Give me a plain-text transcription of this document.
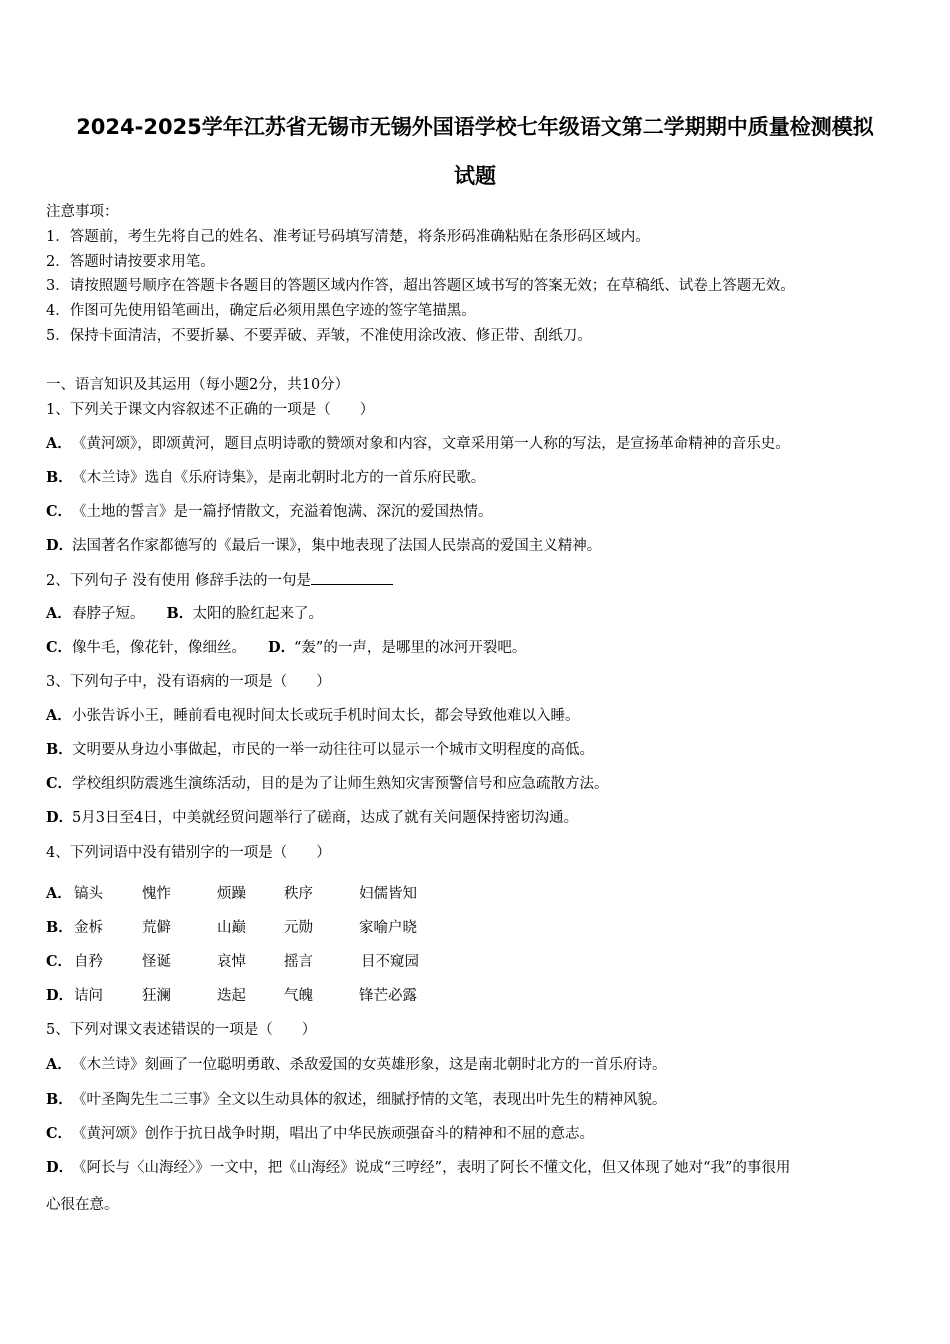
2024-2025学年江苏省无锡市无锡外国语学校七年级语文第二学期期中质量检测模拟
试题
注意事项：
1．答题前，考生先将自己的姓名、准考证号码填写清楚，将条形码准确粘贴在条形码区域内。
2．答题时请按要求用笔。
3．请按照题号顺序在答题卡各题目的答题区域内作答，超出答题区域书写的答案无效；在草稿纸、试卷上答题无效。
4．作图可先使用铅笔画出，确定后必须用黑色字迹的签字笔描黑。
5．保持卡面清洁，不要折暴、不要弄破、弄皱，不准使用涂改液、修正带、刮纸刀。
一、语言知识及其运用（每小题2分，共10分）
1、下列关于课文内容叙述不正确的一项是（　　）
A．《黄河颂》，即颂黄河，题目点明诗歌的赞颂对象和内容，文章采用第一人称的写法，是宣扬革命精神的音乐史。
B．《木兰诗》选自《乐府诗集》，是南北朝时北方的一首乐府民歌。
C．《土地的誓言》是一篇抒情散文，充溢着饱满、深沉的爱国热情。
D．法国著名作家都德写的《最后一课》，集中地表现了法国人民崇高的爱国主义精神。
2、下列句子 没有使用 修辞手法的一句是
A．春脖子短。 B．太阳的脸红起来了。
C．像牛毛，像花针，像细丝。 D．“轰”的一声，是哪里的冰河开裂吧。
3、下列句子中，没有语病的一项是（　　）
A．小张告诉小王，睡前看电视时间太长或玩手机时间太长，都会导致他难以入睡。
B．文明要从身边小事做起，市民的一举一动往往可以显示一个城市文明程度的高低。
C．学校组织防震逃生演练活动，目的是为了让师生熟知灾害预警信号和应急疏散方法。
D．5月3日至4日，中美就经贸问题举行了磋商，达成了就有关问题保持密切沟通。
4、下列词语中没有错别字的一项是（　　）
A． 镐头	愧怍	烦躁	秩序	妇儒皆知
B． 金柝	荒僻	山巅	元勋	家喻户晓
C． 自矜	怪诞	哀悼	摇言	目不窥园
D． 诘问	狂澜	迭起	气魄	锋芒必露
5、下列对课文表述错误的一项是（　　）
A．《木兰诗》刻画了一位聪明勇敢、杀敌爱国的女英雄形象，这是南北朝时北方的一首乐府诗。
B．《叶圣陶先生二三事》全文以生动具体的叙述，细腻抒情的文笔，表现出叶先生的精神风貌。
C．《黄河颂》创作于抗日战争时期，唱出了中华民族顽强奋斗的精神和不屈的意志。
D．《阿长与〈山海经〉》一文中，把《山海经》说成“三哼经”，表明了阿长不懂文化，但又体现了她对“我”的事很用
心很在意。
